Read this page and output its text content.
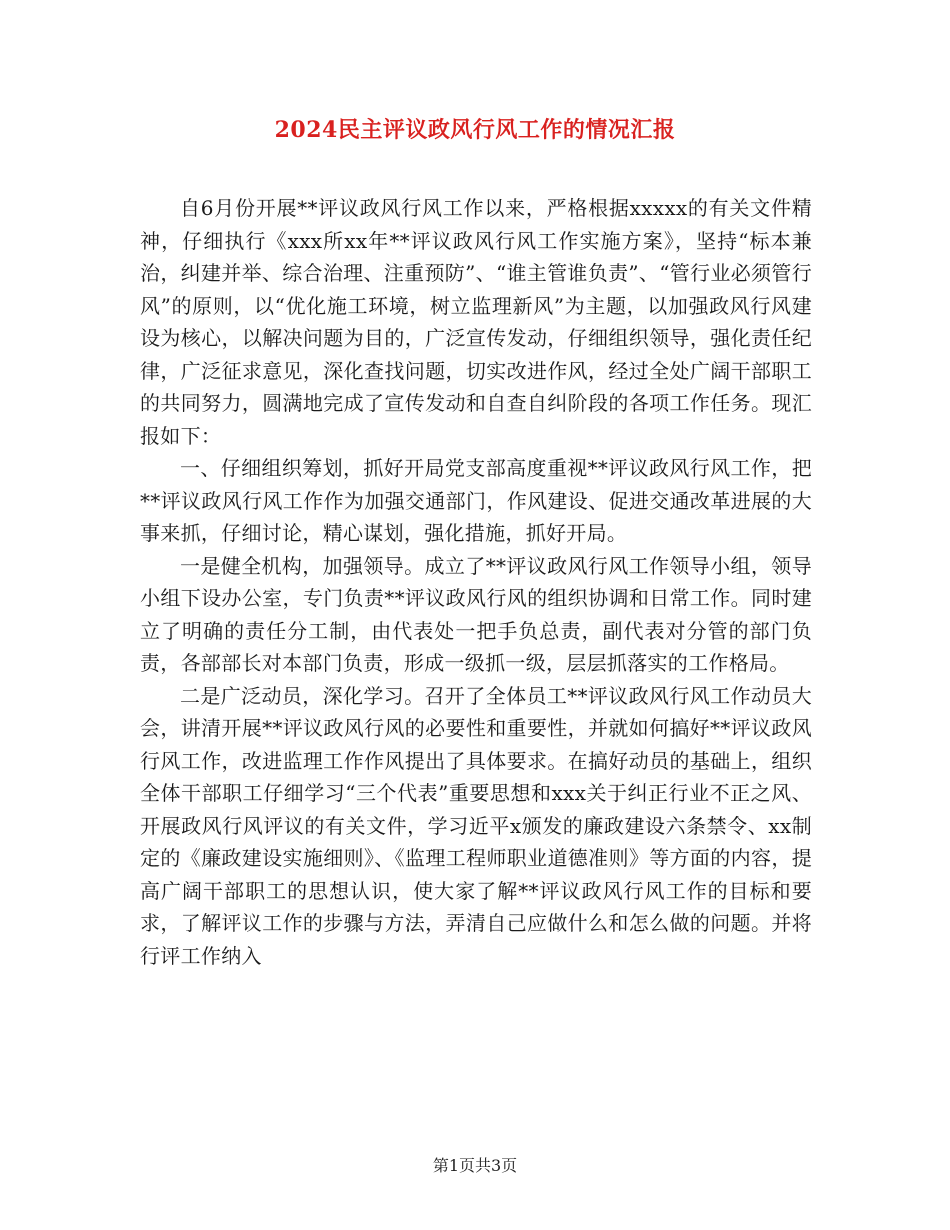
2024民主评议政风行风工作的情况汇报

自6月份开展**评议政风行风工作以来，严格根据xxxxx的有关文件精神，仔细执行《xxx所xx年**评议政风行风工作实施方案》，坚持“标本兼治，纠建并举、综合治理、注重预防”、“谁主管谁负责”、“管行业必须管行风”的原则，以“优化施工环境，树立监理新风”为主题，以加强政风行风建设为核心，以解决问题为目的，广泛宣传发动，仔细组织领导，强化责任纪律，广泛征求意见，深化查找问题，切实改进作风，经过全处广阔干部职工的共同努力，圆满地完成了宣传发动和自查自纠阶段的各项工作任务。现汇报如下：

一、仔细组织筹划，抓好开局党支部高度重视**评议政风行风工作，把**评议政风行风工作作为加强交通部门，作风建设、促进交通改革进展的大事来抓，仔细讨论，精心谋划，强化措施，抓好开局。

一是健全机构，加强领导。成立了**评议政风行风工作领导小组，领导小组下设办公室，专门负责**评议政风行风的组织协调和日常工作。同时建立了明确的责任分工制，由代表处一把手负总责，副代表对分管的部门负责，各部部长对本部门负责，形成一级抓一级，层层抓落实的工作格局。

二是广泛动员，深化学习。召开了全体员工**评议政风行风工作动员大会，讲清开展**评议政风行风的必要性和重要性，并就如何搞好**评议政风行风工作，改进监理工作作风提出了具体要求。在搞好动员的基础上，组织全体干部职工仔细学习“三个代表”重要思想和xxx关于纠正行业不正之风、开展政风行风评议的有关文件，学习近平x颁发的廉政建设六条禁令、xx制定的《廉政建设实施细则》、《监理工程师职业道德准则》等方面的内容，提高广阔干部职工的思想认识，使大家了解**评议政风行风工作的目标和要求，了解评议工作的步骤与方法，弄清自己应做什么和怎么做的问题。并将行评工作纳入

第1页共3页
